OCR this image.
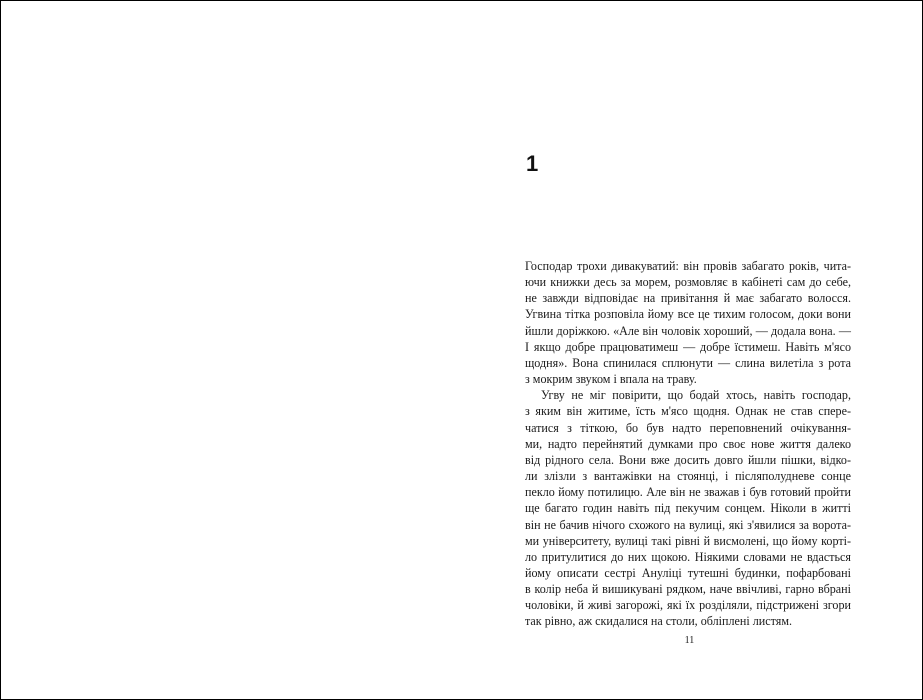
1
Господар трохи дивакуватий: він провів забагато років, чита-
ючи книжки десь за морем, розмовляє в кабінеті сам до себе,
не завжди відповідає на привітання й має забагато волосся.
Угвина тітка розповіла йому все це тихим голосом, доки вони
йшли доріжкою. «Але він чоловік хороший, — додала вона. —
І якщо добре працюватимеш — добре їстимеш. Навіть м'ясо
щодня». Вона спинилася сплюнути — слина вилетіла з рота
з мокрим звуком і впала на траву.
Угву не міг повірити, що бодай хтось, навіть господар,
з яким він житиме, їсть м'ясо щодня. Однак не став спере-
чатися з тіткою, бо був надто переповнений очікування-
ми, надто перейнятий думками про своє нове життя далеко
від рідного села. Вони вже досить довго йшли пішки, відко-
ли злізли з вантажівки на стоянці, і післяполудневе сонце
пекло йому потилицю. Але він не зважав і був готовий пройти
ще багато годин навіть під пекучим сонцем. Ніколи в житті
він не бачив нічого схожого на вулиці, які з'явилися за ворота-
ми університету, вулиці такі рівні й висмолені, що йому корті-
ло притулитися до них щокою. Ніякими словами не вдасться
йому описати сестрі Ануліці тутешні будинки, пофарбовані
в колір неба й вишикувані рядком, наче ввічливі, гарно вбрані
чоловіки, й живі загорожі, які їх розділяли, підстрижені згори
так рівно, аж скидалися на столи, обліплені листям.
11
